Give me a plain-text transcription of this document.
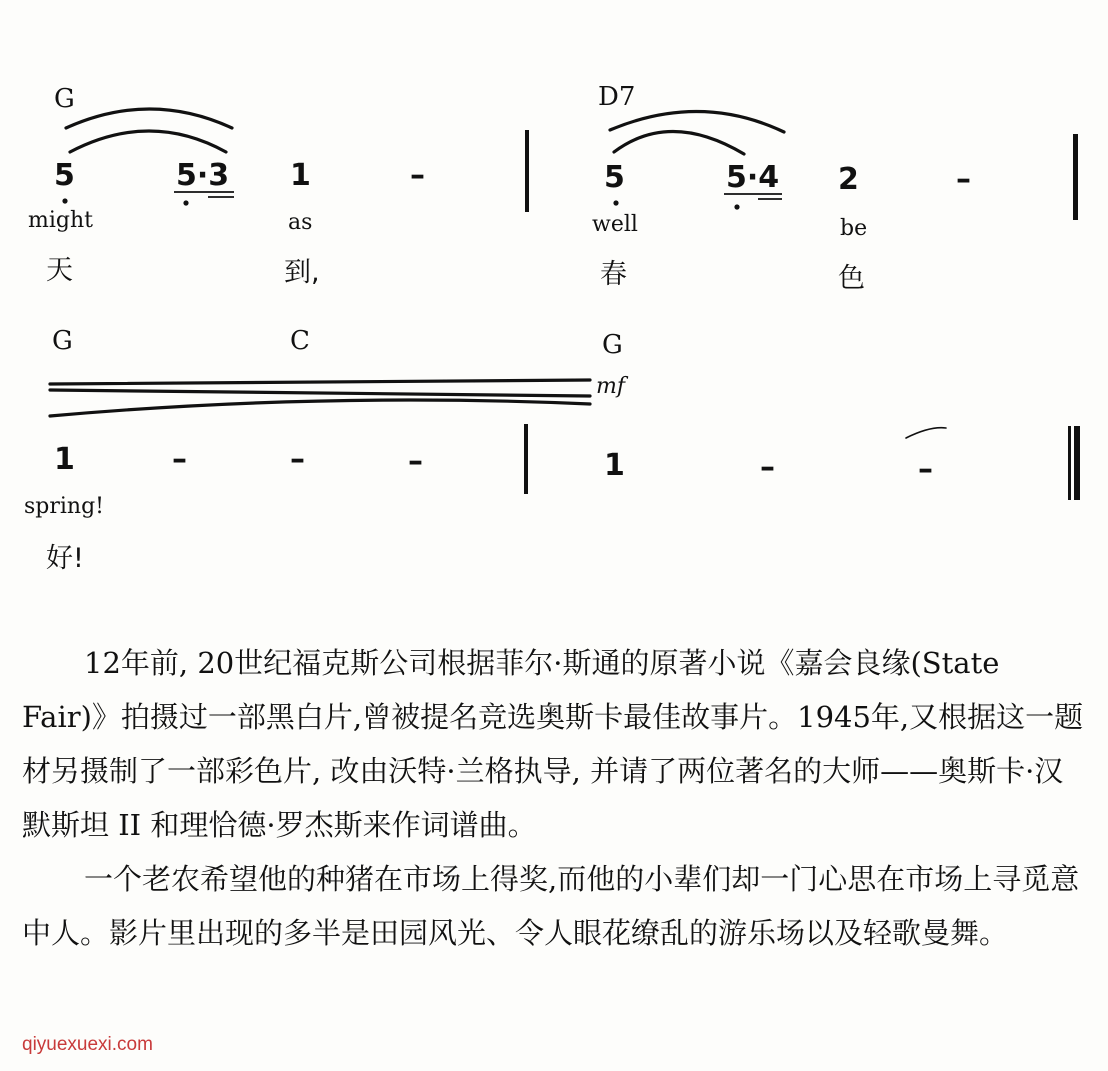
G	D7
5	5·3 1	–	5	5·4 2	–
might	as	well	be
天	到,	春	色
G	C	G
mf
1	–	–	–	1	–	–
spring!
好!

12年前, 20世纪福克斯公司根据菲尔·斯通的原著小说《嘉会良缘(State Fair)》拍摄过一部黑白片,曾被提名竞选奥斯卡最佳故事片。1945年,又根据这一题材另摄制了一部彩色片, 改由沃特·兰格执导, 并请了两位著名的大师——奥斯卡·汉默斯坦 II 和理恰德·罗杰斯来作词谱曲。

一个老农希望他的种猪在市场上得奖,而他的小辈们却一门心思在市场上寻觅意中人。影片里出现的多半是田园风光、令人眼花缭乱的游乐场以及轻歌曼舞。

qiyuexuexi.com
